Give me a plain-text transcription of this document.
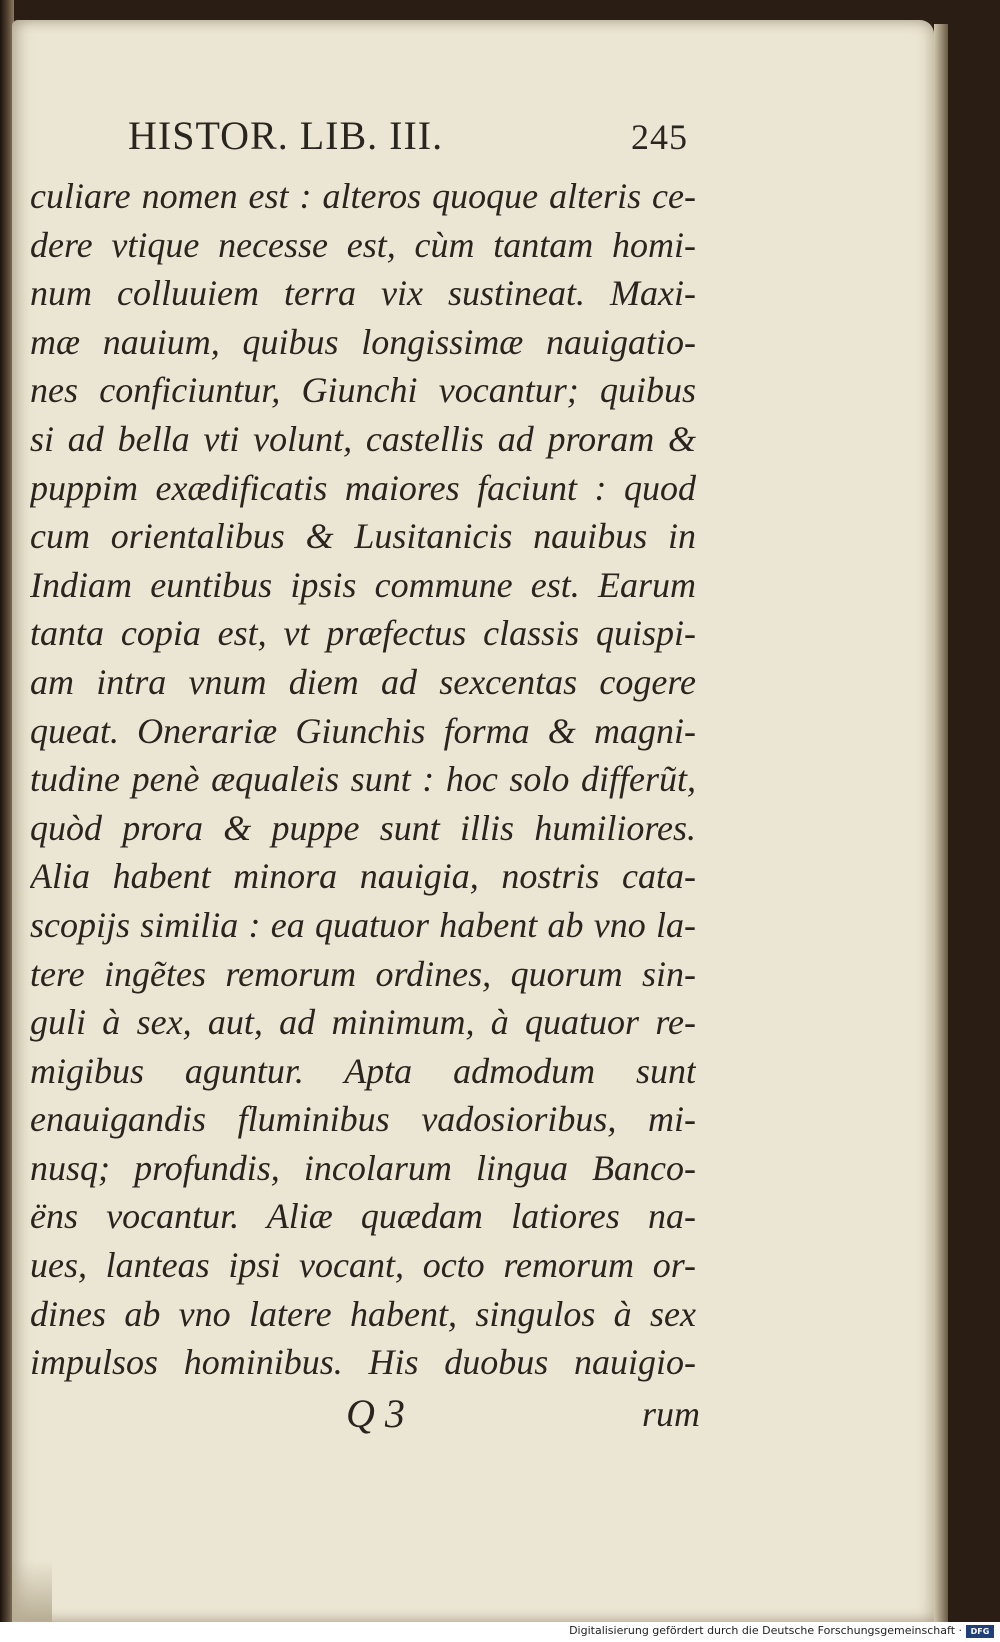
HISTOR. LIB. III.	245
culiare nomen est : alteros quoque alteris ce-
dere vtique necesse est, cùm tantam homi-
num colluuiem terra vix sustineat. Maxi-
mæ nauium, quibus longissimæ nauigatio-
nes conficiuntur, Giunchi vocantur; quibus
si ad bella vti volunt, castellis ad proram &
puppim exædificatis maiores faciunt : quod
cum orientalibus & Lusitanicis nauibus in
Indiam euntibus ipsis commune est. Earum
tanta copia est, vt præfectus classis quispi-
am intra vnum diem ad sexcentas cogere
queat. Onerariæ Giunchis forma & magni-
tudine penè æqualeis sunt : hoc solo differũt,
quòd prora & puppe sunt illis humiliores.
Alia habent minora nauigia, nostris cata-
scopijs similia : ea quatuor habent ab vno la-
tere ingẽtes remorum ordines, quorum sin-
guli à sex, aut, ad minimum, à quatuor re-
migibus aguntur. Apta admodum sunt
enauigandis fluminibus vadosioribus, mi-
nusq; profundis, incolarum lingua Banco-
ëns vocantur. Aliæ quædam latiores na-
ues, lanteas ipsi vocant, octo remorum or-
dines ab vno latere habent, singulos à sex
impulsos hominibus. His duobus nauigio-
Q 3	rum
Digitalisierung gefördert durch die Deutsche Forschungsgemeinschaft ·	DFG
